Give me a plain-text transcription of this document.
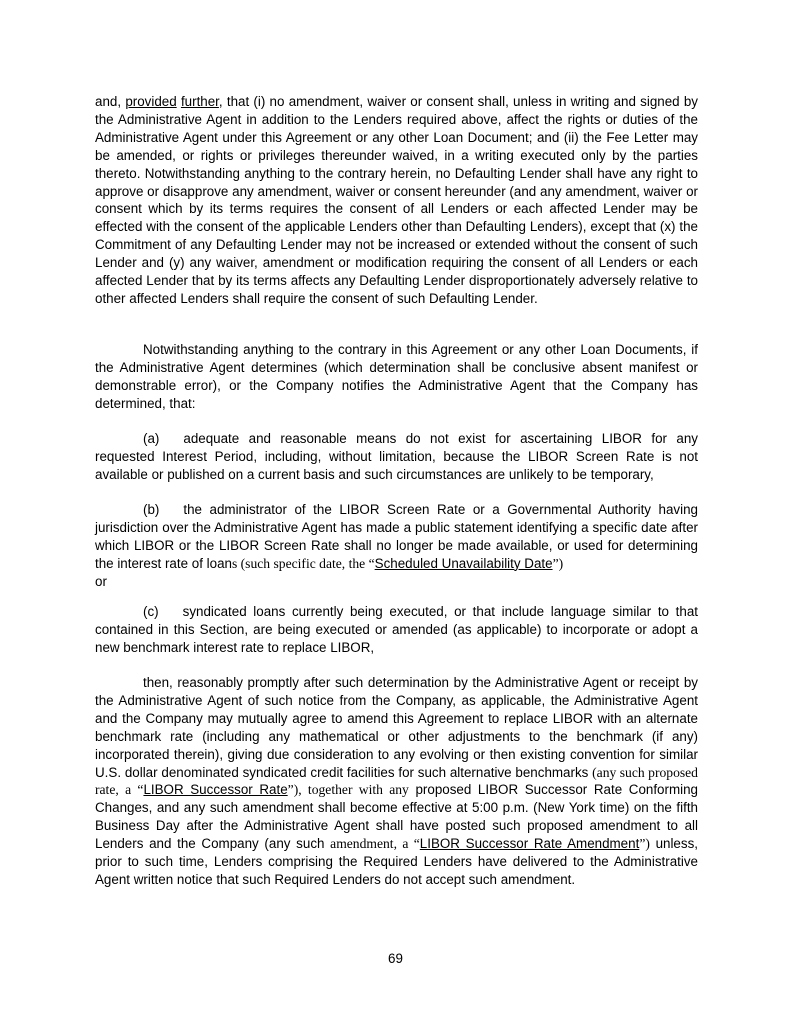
and, provided further, that (i) no amendment, waiver or consent shall, unless in writing and signed by the Administrative Agent in addition to the Lenders required above, affect the rights or duties of the Administrative Agent under this Agreement or any other Loan Document; and (ii) the Fee Letter may be amended, or rights or privileges thereunder waived, in a writing executed only by the parties thereto. Notwithstanding anything to the contrary herein, no Defaulting Lender shall have any right to approve or disapprove any amendment, waiver or consent hereunder (and any amendment, waiver or consent which by its terms requires the consent of all Lenders or each affected Lender may be effected with the consent of the applicable Lenders other than Defaulting Lenders), except that (x) the Commitment of any Defaulting Lender may not be increased or extended without the consent of such Lender and (y) any waiver, amendment or modification requiring the consent of all Lenders or each affected Lender that by its terms affects any Defaulting Lender disproportionately adversely relative to other affected Lenders shall require the consent of such Defaulting Lender.

Notwithstanding anything to the contrary in this Agreement or any other Loan Documents, if the Administrative Agent determines (which determination shall be conclusive absent manifest or demonstrable error), or the Company notifies the Administrative Agent that the Company has determined, that:

(a) adequate and reasonable means do not exist for ascertaining LIBOR for any requested Interest Period, including, without limitation, because the LIBOR Screen Rate is not available or published on a current basis and such circumstances are unlikely to be temporary,

(b) the administrator of the LIBOR Screen Rate or a Governmental Authority having jurisdiction over the Administrative Agent has made a public statement identifying a specific date after which LIBOR or the LIBOR Screen Rate shall no longer be made available, or used for determining the interest rate of loans (such specific date, the “Scheduled Unavailability Date”)
or

(c) syndicated loans currently being executed, or that include language similar to that contained in this Section, are being executed or amended (as applicable) to incorporate or adopt a new benchmark interest rate to replace LIBOR,

then, reasonably promptly after such determination by the Administrative Agent or receipt by the Administrative Agent of such notice from the Company, as applicable, the Administrative Agent and the Company may mutually agree to amend this Agreement to replace LIBOR with an alternate benchmark rate (including any mathematical or other adjustments to the benchmark (if any) incorporated therein), giving due consideration to any evolving or then existing convention for similar U.S. dollar denominated syndicated credit facilities for such alternative benchmarks (any such proposed rate, a “LIBOR Successor Rate”), together with any proposed LIBOR Successor Rate Conforming Changes, and any such amendment shall become effective at 5:00 p.m. (New York time) on the fifth Business Day after the Administrative Agent shall have posted such proposed amendment to all Lenders and the Company (any such amendment, a “LIBOR Successor Rate Amendment”) unless, prior to such time, Lenders comprising the Required Lenders have delivered to the Administrative Agent written notice that such Required Lenders do not accept such amendment.

69
